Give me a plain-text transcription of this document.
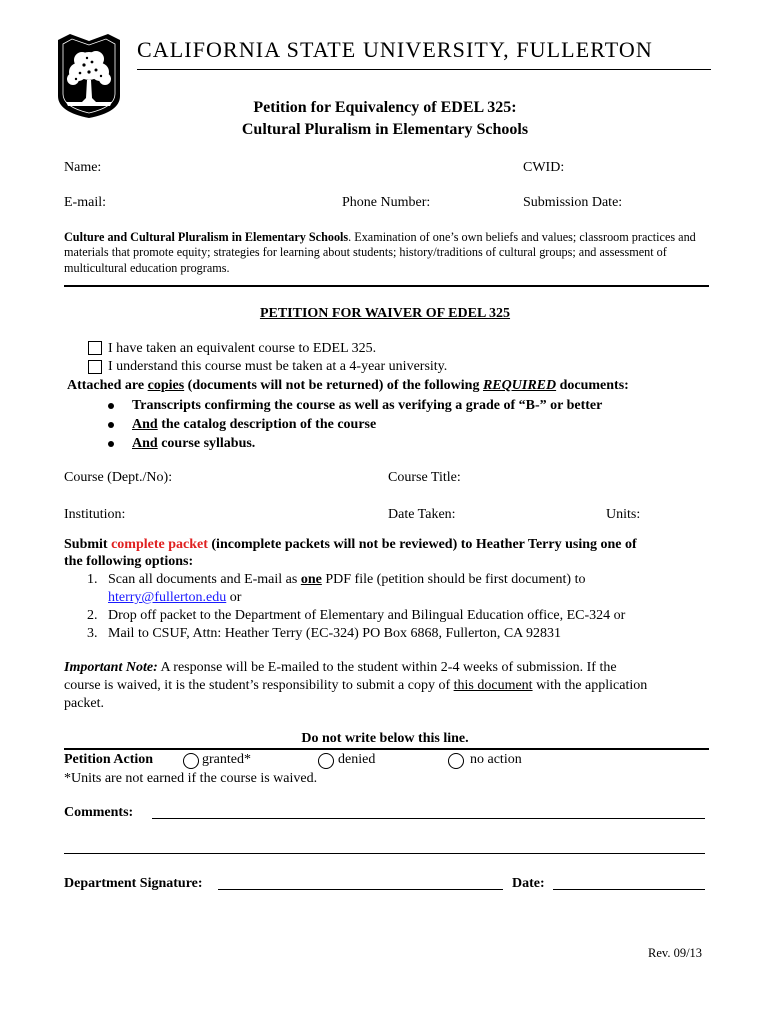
CALIFORNIA STATE UNIVERSITY, FULLERTON
Petition for Equivalency of EDEL 325:
Cultural Pluralism in Elementary Schools
Name:	CWID:
E-mail:	Phone Number:	Submission Date:
Culture and Cultural Pluralism in Elementary Schools. Examination of one’s own beliefs and values; classroom practices and materials that promote equity; strategies for learning about students; history/traditions of cultural groups; and assessment of multicultural education programs.
PETITION FOR WAIVER OF EDEL 325
I have taken an equivalent course to EDEL 325.
I understand this course must be taken at a 4-year university.
Attached are copies (documents will not be returned) of the following REQUIRED documents:
Transcripts confirming the course as well as verifying a grade of “B-” or better
And the catalog description of the course
And course syllabus.
Course (Dept./No):	Course Title:
Institution:	Date Taken:	Units:
Submit complete packet (incomplete packets will not be reviewed) to Heather Terry using one of
the following options:
1. Scan all documents and E-mail as one PDF file (petition should be first document) to
hterry@fullerton.edu or
2. Drop off packet to the Department of Elementary and Bilingual Education office, EC-324 or
3. Mail to CSUF, Attn: Heather Terry (EC-324) PO Box 6868, Fullerton, CA 92831
Important Note: A response will be E-mailed to the student within 2-4 weeks of submission. If the
course is waived, it is the student’s responsibility to submit a copy of this document with the application
packet.
Do not write below this line.
Petition Action	granted*	denied	no action
*Units are not earned if the course is waived.
Comments:
Department Signature:	Date:
Rev. 09/13
